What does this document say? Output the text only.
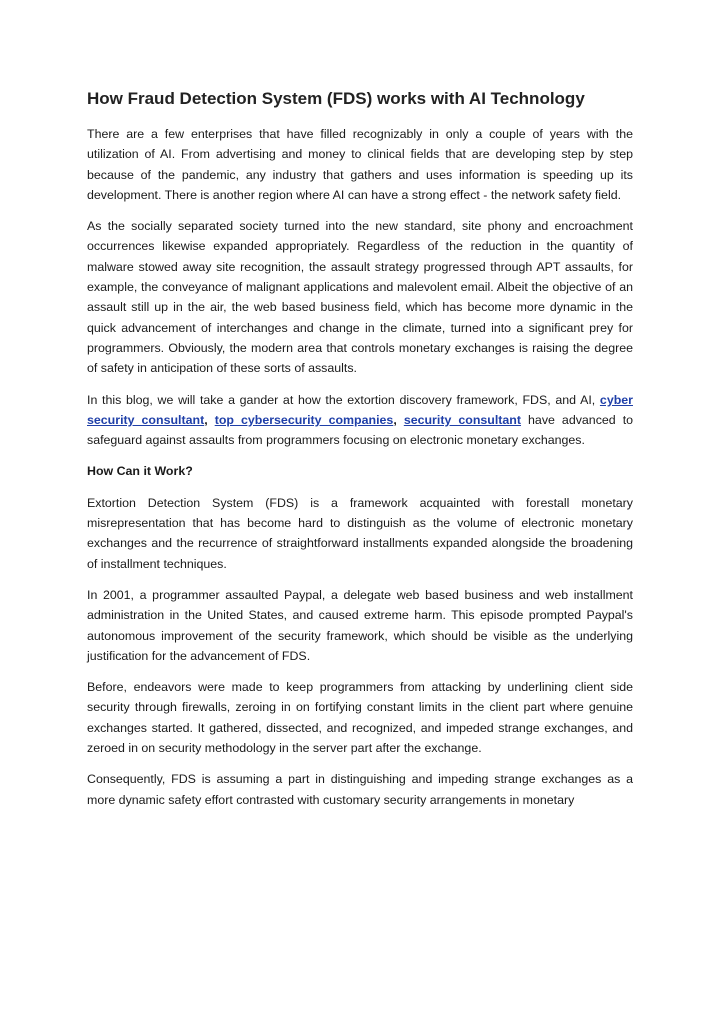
How Fraud Detection System (FDS) works with AI Technology

There are a few enterprises that have filled recognizably in only a couple of years with the utilization of AI. From advertising and money to clinical fields that are developing step by step because of the pandemic, any industry that gathers and uses information is speeding up its development. There is another region where AI can have a strong effect - the network safety field.

As the socially separated society turned into the new standard, site phony and encroachment occurrences likewise expanded appropriately. Regardless of the reduction in the quantity of malware stowed away site recognition, the assault strategy progressed through APT assaults, for example, the conveyance of malignant applications and malevolent email. Albeit the objective of an assault still up in the air, the web based business field, which has become more dynamic in the quick advancement of interchanges and change in the climate, turned into a significant prey for programmers. Obviously, the modern area that controls monetary exchanges is raising the degree of safety in anticipation of these sorts of assaults.

In this blog, we will take a gander at how the extortion discovery framework, FDS, and AI, cyber security consultant, top cybersecurity companies, security consultant have advanced to safeguard against assaults from programmers focusing on electronic monetary exchanges.

How Can it Work?

Extortion Detection System (FDS) is a framework acquainted with forestall monetary misrepresentation that has become hard to distinguish as the volume of electronic monetary exchanges and the recurrence of straightforward installments expanded alongside the broadening of installment techniques.

In 2001, a programmer assaulted Paypal, a delegate web based business and web installment administration in the United States, and caused extreme harm. This episode prompted Paypal's autonomous improvement of the security framework, which should be visible as the underlying justification for the advancement of FDS.

Before, endeavors were made to keep programmers from attacking by underlining client side security through firewalls, zeroing in on fortifying constant limits in the client part where genuine exchanges started. It gathered, dissected, and recognized, and impeded strange exchanges, and zeroed in on security methodology in the server part after the exchange.

Consequently, FDS is assuming a part in distinguishing and impeding strange exchanges as a more dynamic safety effort contrasted with customary security arrangements in monetary
